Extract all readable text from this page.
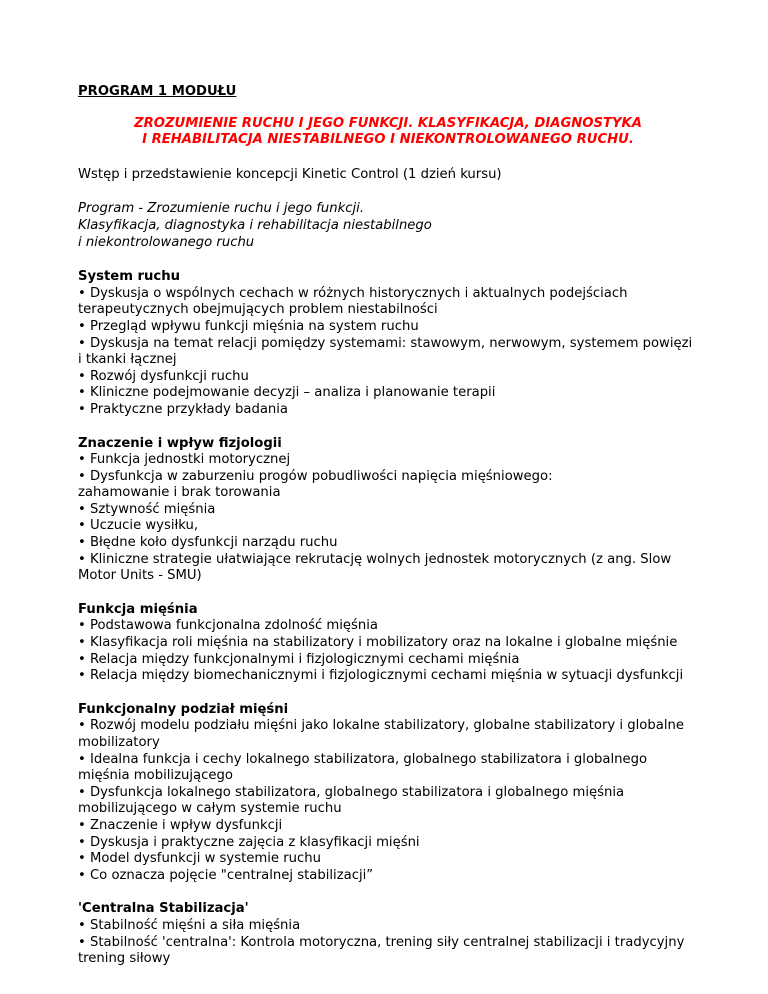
PROGRAM 1 MODUŁU

ZROZUMIENIE RUCHU I JEGO FUNKCJI. KLASYFIKACJA, DIAGNOSTYKA
I REHABILITACJA NIESTABILNEGO I NIEKONTROLOWANEGO RUCHU.

Wstęp i przedstawienie koncepcji Kinetic Control (1 dzień kursu)

Program - Zrozumienie ruchu i jego funkcji.
Klasyfikacja, diagnostyka i rehabilitacja niestabilnego
i niekontrolowanego ruchu

System ruchu

• Dyskusja o wspólnych cechach w różnych historycznych i aktualnych podejściach terapeutycznych obejmujących problem niestabilności

• Przegląd wpływu funkcji mięśnia na system ruchu

• Dyskusja na temat relacji pomiędzy systemami: stawowym, nerwowym, systemem powięzi

i tkanki łącznej

• Rozwój dysfunkcji ruchu

• Kliniczne podejmowanie decyzji – analiza i planowanie terapii

• Praktyczne przykłady badania

Znaczenie i wpływ fizjologii

• Funkcja jednostki motorycznej

• Dysfunkcja w zaburzeniu progów pobudliwości napięcia mięśniowego:

zahamowanie i brak torowania

• Sztywność mięśnia

• Uczucie wysiłku,

• Błędne koło dysfunkcji narządu ruchu

• Kliniczne strategie ułatwiające rekrutację wolnych jednostek motorycznych (z ang. Slow Motor Units - SMU)

Funkcja mięśnia

• Podstawowa funkcjonalna zdolność mięśnia

• Klasyfikacja roli mięśnia na stabilizatory i mobilizatory oraz na lokalne i globalne mięśnie

• Relacja między funkcjonalnymi i fizjologicznymi cechami mięśnia

• Relacja między biomechanicznymi i fizjologicznymi cechami mięśnia w sytuacji dysfunkcji

Funkcjonalny podział mięśni

• Rozwój modelu podziału mięśni jako lokalne stabilizatory, globalne stabilizatory i globalne mobilizatory

• Idealna funkcja i cechy lokalnego stabilizatora, globalnego stabilizatora i globalnego mięśnia mobilizującego

• Dysfunkcja lokalnego stabilizatora, globalnego stabilizatora i globalnego mięśnia mobilizującego w całym systemie ruchu

• Znaczenie i wpływ dysfunkcji

• Dyskusja i praktyczne zajęcia z klasyfikacji mięśni

• Model dysfunkcji w systemie ruchu

• Co oznacza pojęcie "centralnej stabilizacji”

'Centralna Stabilizacja'

• Stabilność mięśni a siła mięśnia

• Stabilność 'centralna': Kontrola motoryczna, trening siły centralnej stabilizacji i tradycyjny trening siłowy
